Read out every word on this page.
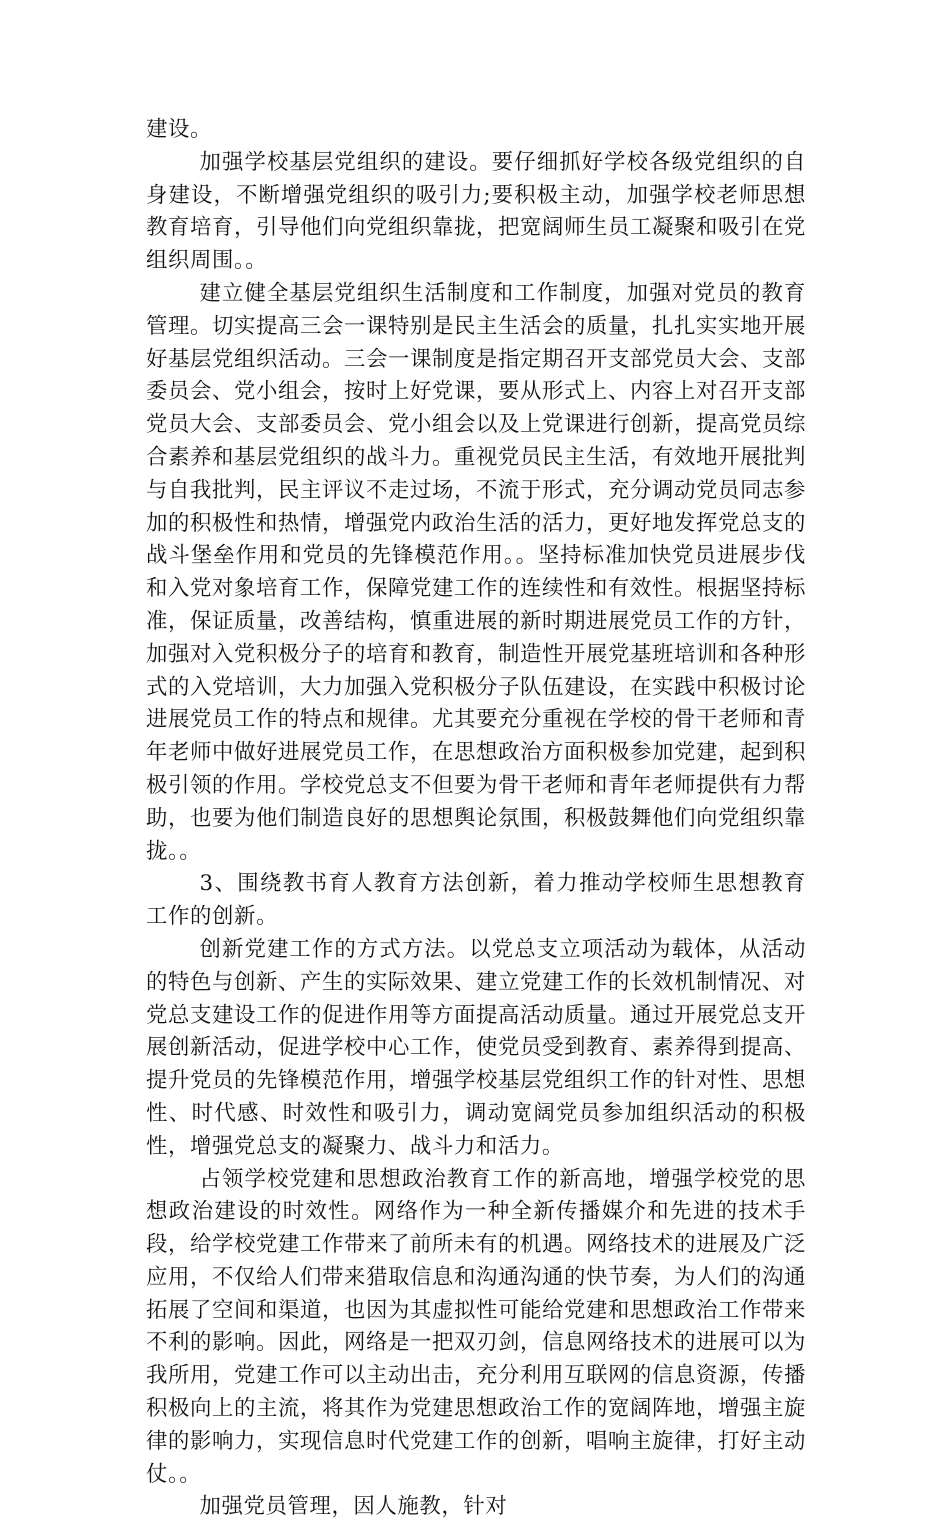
建设。

加强学校基层党组织的建设。要仔细抓好学校各级党组织的自身建设，不断增强党组织的吸引力;要积极主动，加强学校老师思想教育培育，引导他们向党组织靠拢，把宽阔师生员工凝聚和吸引在党组织周围。。

建立健全基层党组织生活制度和工作制度，加强对党员的教育管理。切实提高三会一课特别是民主生活会的质量，扎扎实实地开展好基层党组织活动。三会一课制度是指定期召开支部党员大会、支部委员会、党小组会，按时上好党课，要从形式上、内容上对召开支部党员大会、支部委员会、党小组会以及上党课进行创新，提高党员综合素养和基层党组织的战斗力。重视党员民主生活，有效地开展批判与自我批判，民主评议不走过场，不流于形式，充分调动党员同志参加的积极性和热情，增强党内政治生活的活力，更好地发挥党总支的战斗堡垒作用和党员的先锋模范作用。。坚持标准加快党员进展步伐和入党对象培育工作，保障党建工作的连续性和有效性。根据坚持标准，保证质量，改善结构，慎重进展的新时期进展党员工作的方针，加强对入党积极分子的培育和教育，制造性开展党基班培训和各种形式的入党培训，大力加强入党积极分子队伍建设，在实践中积极讨论进展党员工作的特点和规律。尤其要充分重视在学校的骨干老师和青年老师中做好进展党员工作，在思想政治方面积极参加党建，起到积极引领的作用。学校党总支不但要为骨干老师和青年老师提供有力帮助，也要为他们制造良好的思想舆论氛围，积极鼓舞他们向党组织靠拢。。

3、围绕教书育人教育方法创新，着力推动学校师生思想教育工作的创新。

创新党建工作的方式方法。以党总支立项活动为载体，从活动的特色与创新、产生的实际效果、建立党建工作的长效机制情况、对党总支建设工作的促进作用等方面提高活动质量。通过开展党总支开展创新活动，促进学校中心工作，使党员受到教育、素养得到提高、提升党员的先锋模范作用，增强学校基层党组织工作的针对性、思想性、时代感、时效性和吸引力，调动宽阔党员参加组织活动的积极性，增强党总支的凝聚力、战斗力和活力。

占领学校党建和思想政治教育工作的新高地，增强学校党的思想政治建设的时效性。网络作为一种全新传播媒介和先进的技术手段，给学校党建工作带来了前所未有的机遇。网络技术的进展及广泛应用，不仅给人们带来猎取信息和沟通沟通的快节奏，为人们的沟通拓展了空间和渠道，也因为其虚拟性可能给党建和思想政治工作带来不利的影响。因此，网络是一把双刃剑，信息网络技术的进展可以为我所用，党建工作可以主动出击，充分利用互联网的信息资源，传播积极向上的主流，将其作为党建思想政治工作的宽阔阵地，增强主旋律的影响力，实现信息时代党建工作的创新，唱响主旋律，打好主动仗。。

加强党员管理，因人施教，针对
